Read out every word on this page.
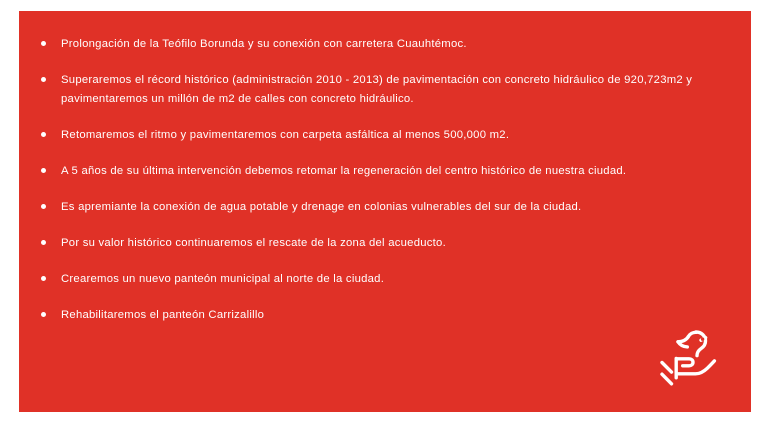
Prolongación de la Teófilo Borunda y su conexión con carretera Cuauhtémoc.
Superaremos el récord histórico (administración 2010 - 2013) de pavimentación con concreto hidráulico de 920,723m2 y pavimentaremos un millón de m2 de calles con concreto hidráulico.
Retomaremos el ritmo y pavimentaremos con carpeta asfáltica al menos 500,000 m2.
A 5 años de su última intervención debemos retomar la regeneración del centro histórico de nuestra ciudad.
Es apremiante la conexión de agua potable y drenage en colonias vulnerables del sur de la ciudad.
Por su valor histórico continuaremos el rescate de la zona del acueducto.
Crearemos un nuevo panteón municipal al norte de la ciudad.
Rehabilitaremos el panteón Carrizalillo
